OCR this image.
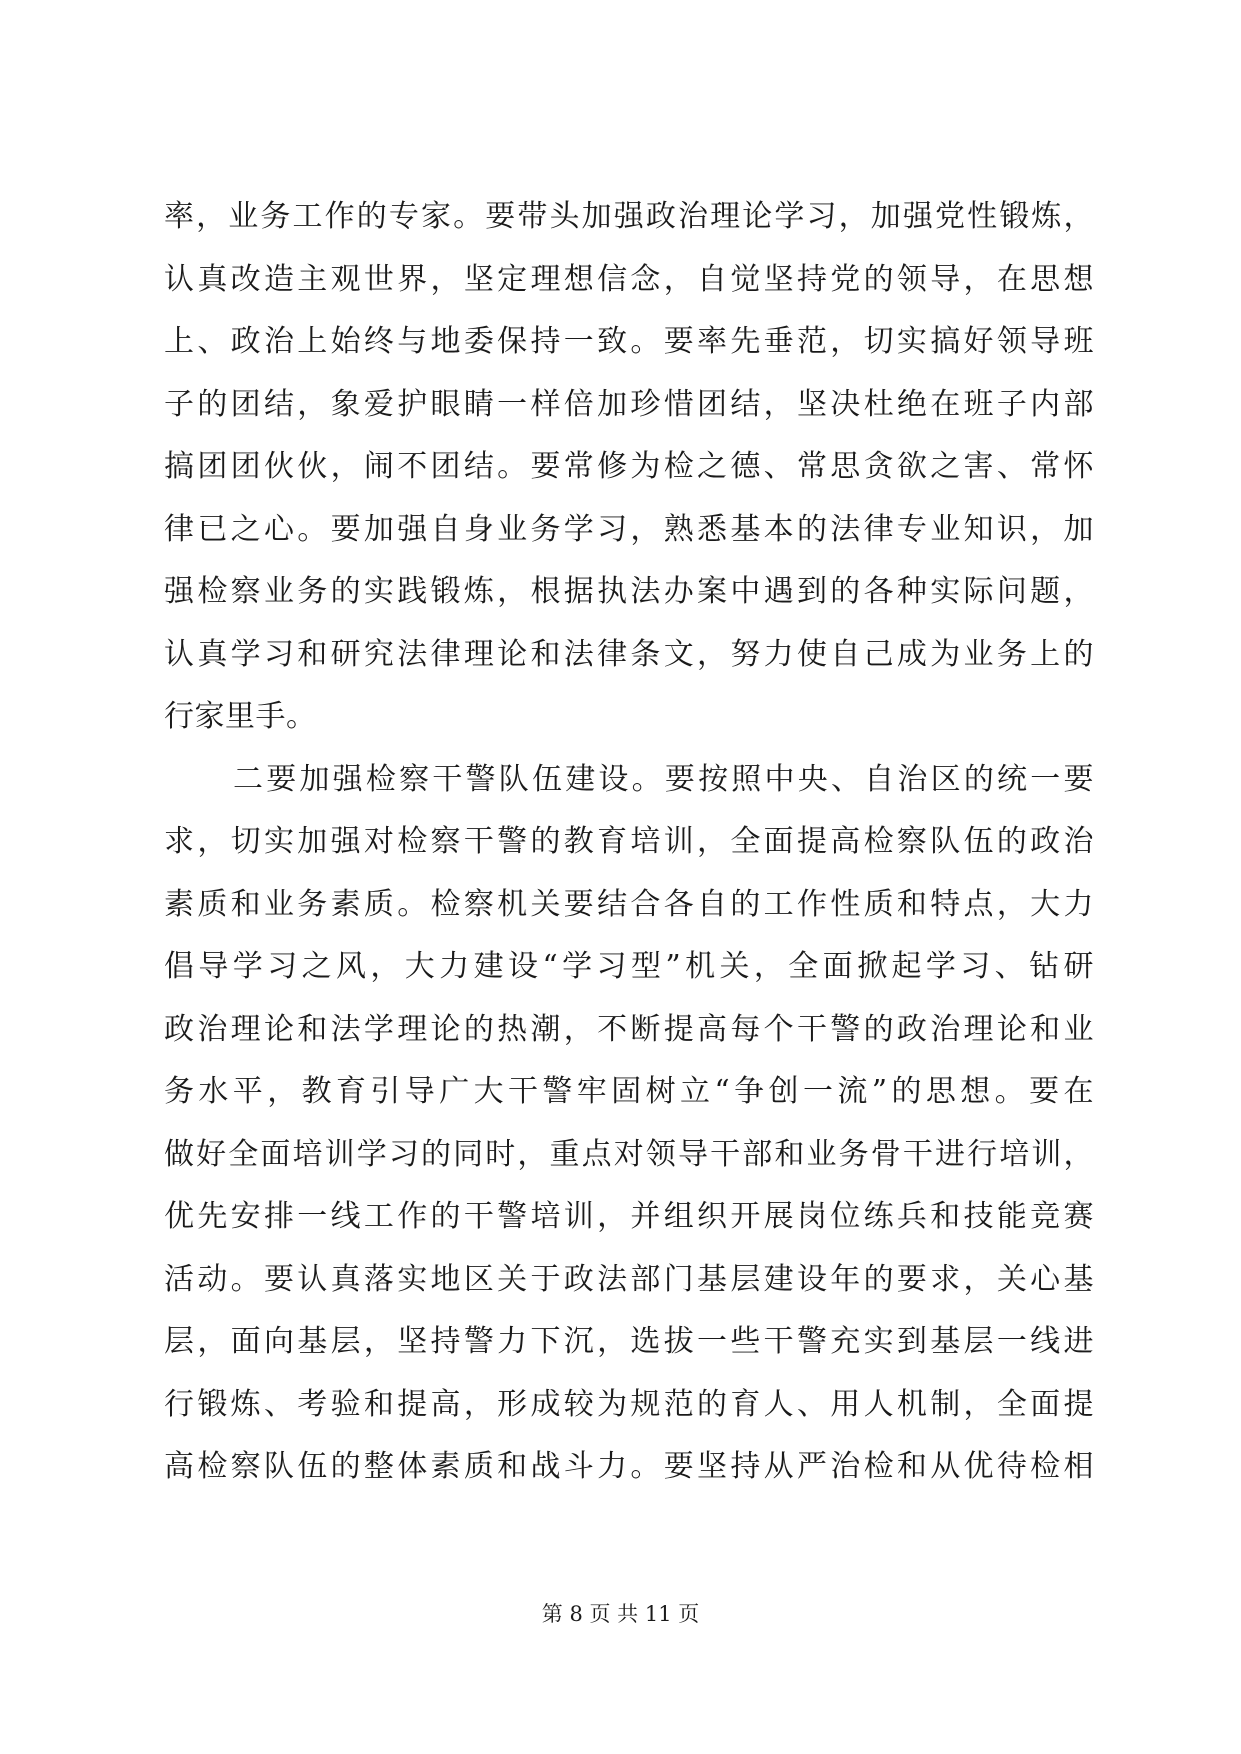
率，业务工作的专家。要带头加强政治理论学习，加强党性锻炼，
认真改造主观世界，坚定理想信念，自觉坚持党的领导，在思想
上、政治上始终与地委保持一致。要率先垂范，切实搞好领导班
子的团结，象爱护眼睛一样倍加珍惜团结，坚决杜绝在班子内部
搞团团伙伙，闹不团结。要常修为检之德、常思贪欲之害、常怀
律已之心。要加强自身业务学习，熟悉基本的法律专业知识，加
强检察业务的实践锻炼，根据执法办案中遇到的各种实际问题，
认真学习和研究法律理论和法律条文，努力使自己成为业务上的
行家里手。
二要加强检察干警队伍建设。要按照中央、自治区的统一要
求，切实加强对检察干警的教育培训，全面提高检察队伍的政治
素质和业务素质。检察机关要结合各自的工作性质和特点，大力
倡导学习之风，大力建设“学习型”机关，全面掀起学习、钻研
政治理论和法学理论的热潮，不断提高每个干警的政治理论和业
务水平，教育引导广大干警牢固树立“争创一流”的思想。要在
做好全面培训学习的同时，重点对领导干部和业务骨干进行培训，
优先安排一线工作的干警培训，并组织开展岗位练兵和技能竞赛
活动。要认真落实地区关于政法部门基层建设年的要求，关心基
层，面向基层，坚持警力下沉，选拔一些干警充实到基层一线进
行锻炼、考验和提高，形成较为规范的育人、用人机制，全面提
高检察队伍的整体素质和战斗力。要坚持从严治检和从优待检相
第 8 页 共 11 页
